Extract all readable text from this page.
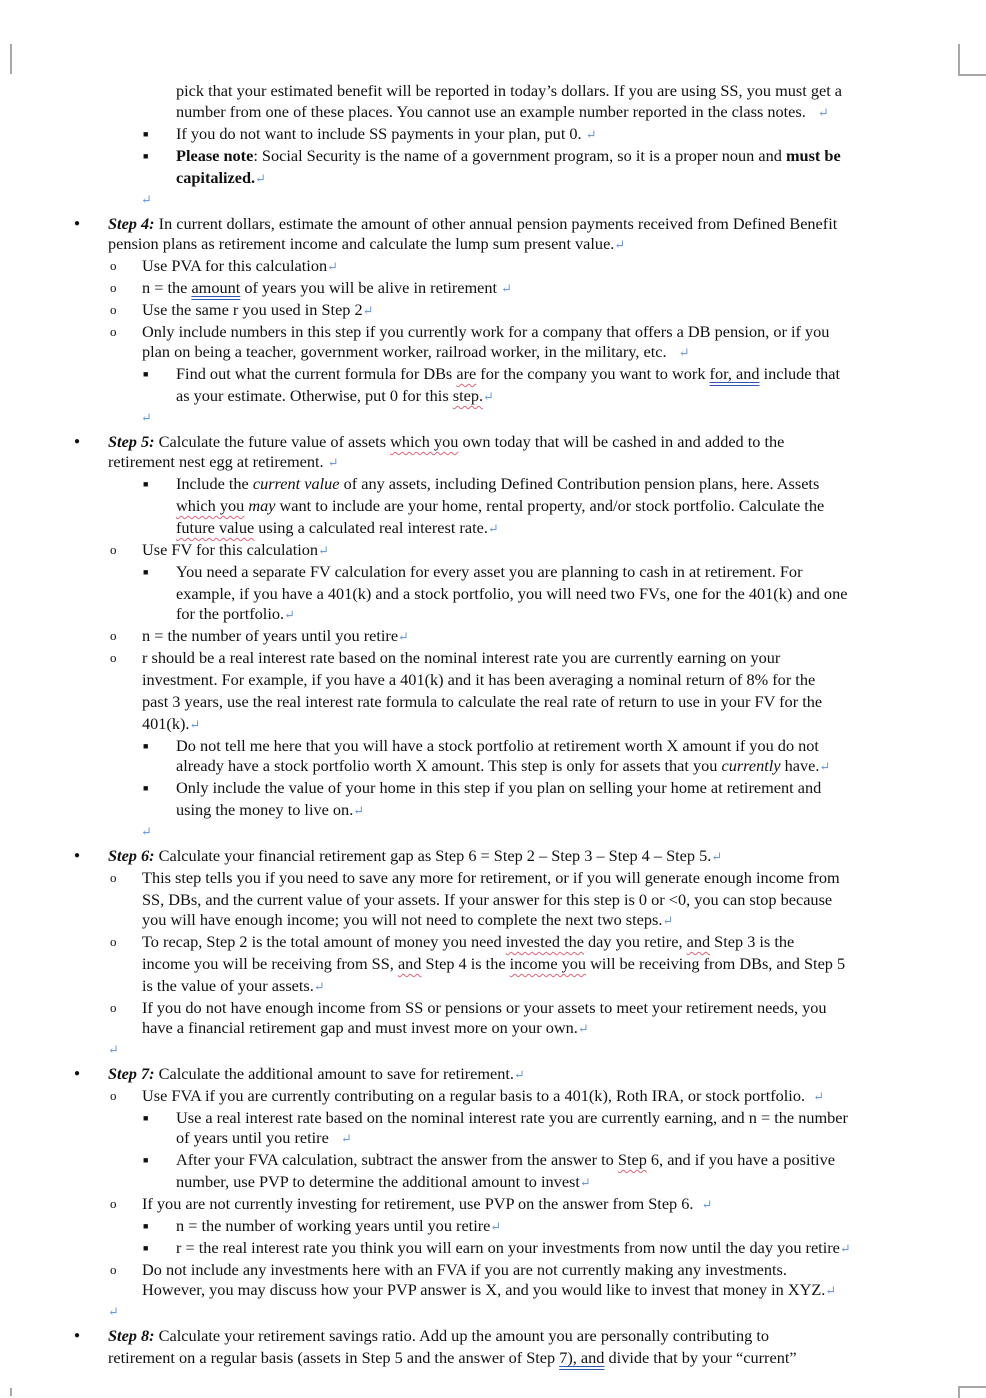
pick that your estimated benefit will be reported in today’s dollars. If you are using SS, you must get a
number from one of these places. You cannot use an example number reported in the class notes. ↵
■ If you do not want to include SS payments in your plan, put 0. ↵
■ Please note: Social Security is the name of a government program, so it is a proper noun and must be
capitalized.↵
↵
● Step 4: In current dollars, estimate the amount of other annual pension payments received from Defined Benefit
pension plans as retirement income and calculate the lump sum present value.↵
o Use PVA for this calculation↵
o n = the amount of years you will be alive in retirement ↵
o Use the same r you used in Step 2↵
o Only include numbers in this step if you currently work for a company that offers a DB pension, or if you
plan on being a teacher, government worker, railroad worker, in the military, etc. ↵
■ Find out what the current formula for DBs are for the company you want to work for, and include that
as your estimate. Otherwise, put 0 for this step.↵
↵
● Step 5: Calculate the future value of assets which you own today that will be cashed in and added to the
retirement nest egg at retirement. ↵
■ Include the current value of any assets, including Defined Contribution pension plans, here. Assets
which you may want to include are your home, rental property, and/or stock portfolio. Calculate the
future value using a calculated real interest rate.↵
o Use FV for this calculation↵
■ You need a separate FV calculation for every asset you are planning to cash in at retirement. For
example, if you have a 401(k) and a stock portfolio, you will need two FVs, one for the 401(k) and one
for the portfolio.↵
o n = the number of years until you retire↵
o r should be a real interest rate based on the nominal interest rate you are currently earning on your
investment. For example, if you have a 401(k) and it has been averaging a nominal return of 8% for the
past 3 years, use the real interest rate formula to calculate the real rate of return to use in your FV for the
401(k).↵
■ Do not tell me here that you will have a stock portfolio at retirement worth X amount if you do not
already have a stock portfolio worth X amount. This step is only for assets that you currently have.↵
■ Only include the value of your home in this step if you plan on selling your home at retirement and
using the money to live on.↵
↵
● Step 6: Calculate your financial retirement gap as Step 6 = Step 2 – Step 3 – Step 4 – Step 5.↵
o This step tells you if you need to save any more for retirement, or if you will generate enough income from
SS, DBs, and the current value of your assets. If your answer for this step is 0 or <0, you can stop because
you will have enough income; you will not need to complete the next two steps.↵
o To recap, Step 2 is the total amount of money you need invested the day you retire, and Step 3 is the
income you will be receiving from SS, and Step 4 is the income you will be receiving from DBs, and Step 5
is the value of your assets.↵
o If you do not have enough income from SS or pensions or your assets to meet your retirement needs, you
have a financial retirement gap and must invest more on your own.↵
↵
● Step 7: Calculate the additional amount to save for retirement.↵
o Use FVA if you are currently contributing on a regular basis to a 401(k), Roth IRA, or stock portfolio. ↵
■ Use a real interest rate based on the nominal interest rate you are currently earning, and n = the number
of years until you retire ↵
■ After your FVA calculation, subtract the answer from the answer to Step 6, and if you have a positive
number, use PVP to determine the additional amount to invest↵
o If you are not currently investing for retirement, use PVP on the answer from Step 6. ↵
■ n = the number of working years until you retire↵
■ r = the real interest rate you think you will earn on your investments from now until the day you retire↵
o Do not include any investments here with an FVA if you are not currently making any investments.
However, you may discuss how your PVP answer is X, and you would like to invest that money in XYZ.↵
↵
● Step 8: Calculate your retirement savings ratio. Add up the amount you are personally contributing to
retirement on a regular basis (assets in Step 5 and the answer of Step 7), and divide that by your “current”
